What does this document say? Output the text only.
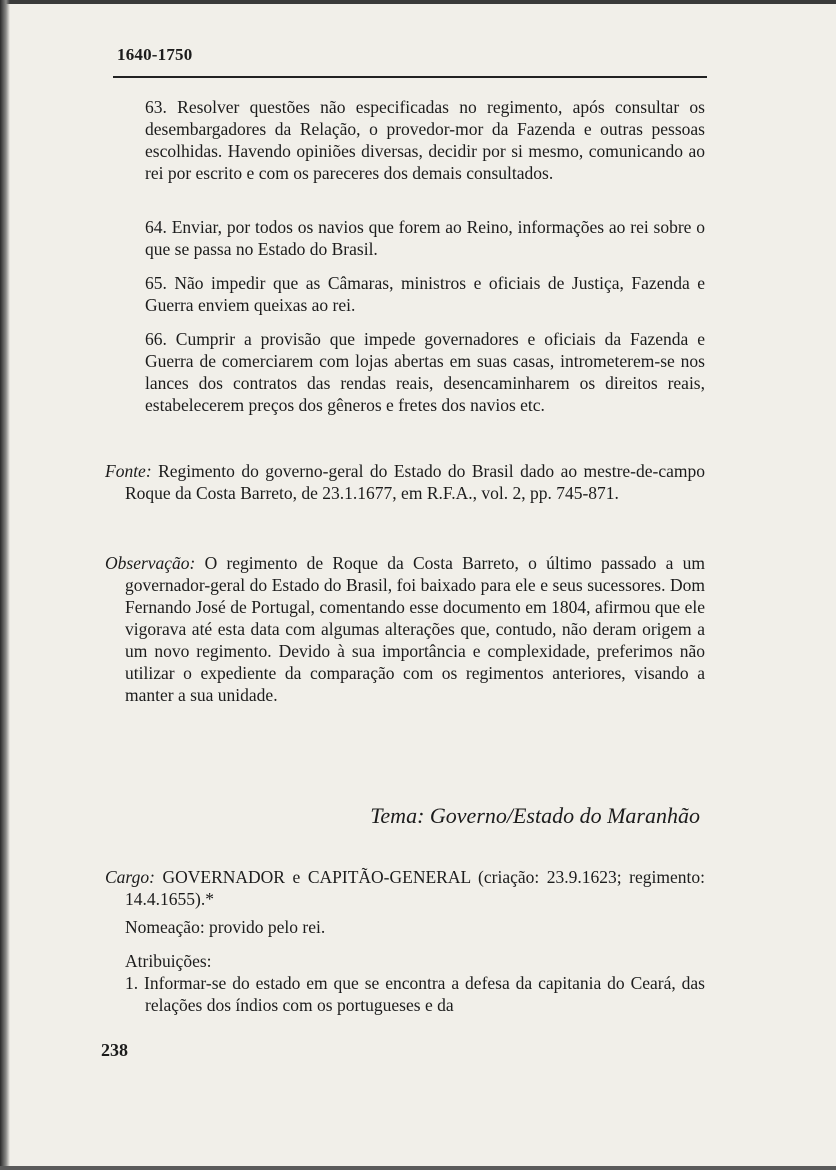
1640-1750
63. Resolver questões não especificadas no regimento, após consultar os desembargadores da Relação, o provedor-mor da Fazenda e outras pessoas escolhidas. Havendo opiniões diversas, decidir por si mesmo, comunicando ao rei por escrito e com os pareceres dos demais consultados.
64. Enviar, por todos os navios que forem ao Reino, informações ao rei sobre o que se passa no Estado do Brasil.
65. Não impedir que as Câmaras, ministros e oficiais de Justiça, Fazenda e Guerra enviem queixas ao rei.
66. Cumprir a provisão que impede governadores e oficiais da Fazenda e Guerra de comerciarem com lojas abertas em suas casas, intrometerem-se nos lances dos contratos das rendas reais, desencaminharem os direitos reais, estabelecerem preços dos gêneros e fretes dos navios etc.
Fonte: Regimento do governo-geral do Estado do Brasil dado ao mestre-de-campo Roque da Costa Barreto, de 23.1.1677, em R.F.A., vol. 2, pp. 745-871.
Observação: O regimento de Roque da Costa Barreto, o último passado a um governador-geral do Estado do Brasil, foi baixado para ele e seus sucessores. Dom Fernando José de Portugal, comentando esse documento em 1804, afirmou que ele vigorava até esta data com algumas alterações que, contudo, não deram origem a um novo regimento. Devido à sua importância e complexidade, preferimos não utilizar o expediente da comparação com os regimentos anteriores, visando a manter a sua unidade.
Tema: Governo/Estado do Maranhão
Cargo: GOVERNADOR e CAPITÃO-GENERAL (criação: 23.9.1623; regimento: 14.4.1655).*
Nomeação: provido pelo rei.
Atribuições:
1. Informar-se do estado em que se encontra a defesa da capitania do Ceará, das relações dos índios com os portugueses e da
238
